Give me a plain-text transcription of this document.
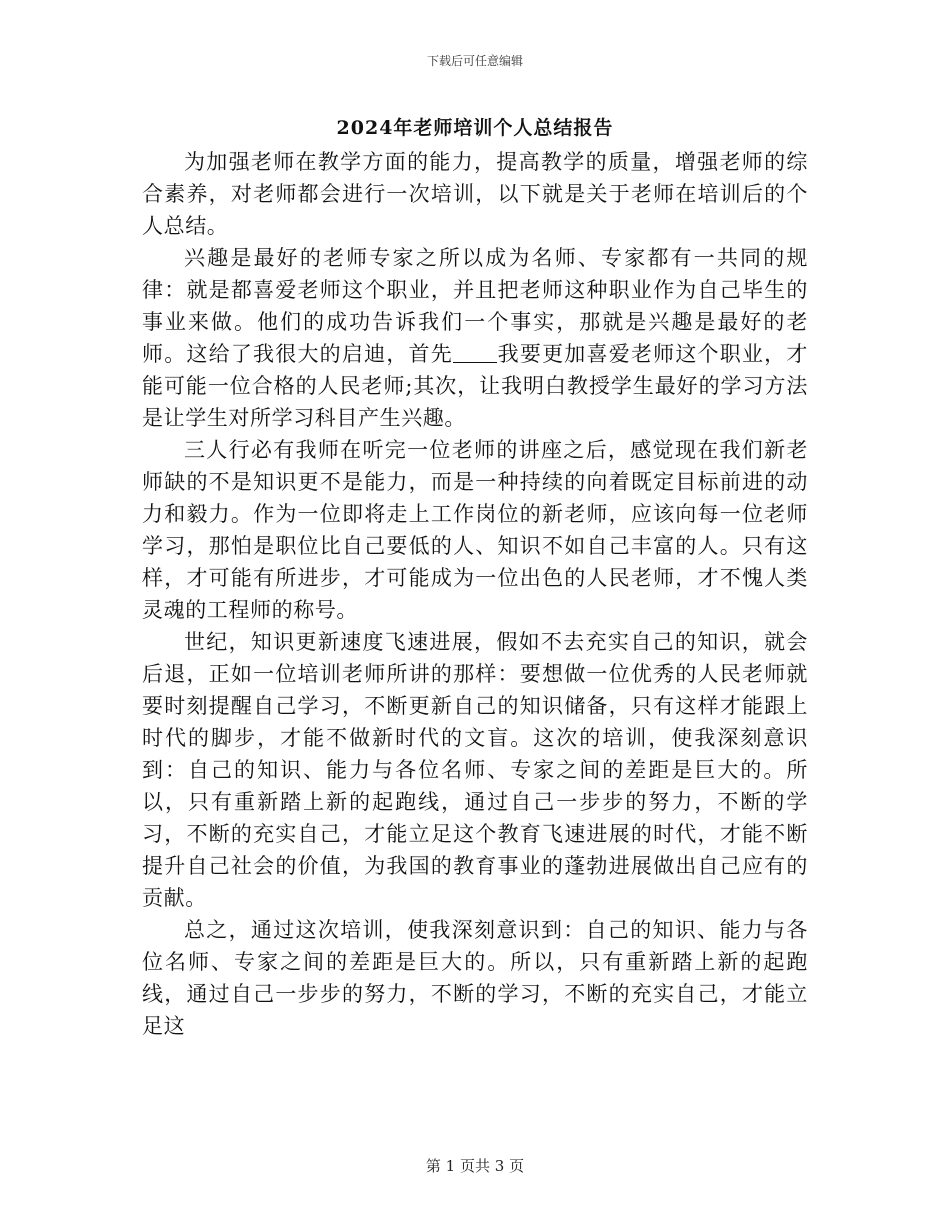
下载后可任意编辑
2024年老师培训个人总结报告

为加强老师在教学方面的能力，提高教学的质量，增强老师的综合素养，对老师都会进行一次培训，以下就是关于老师在培训后的个人总结。

兴趣是最好的老师专家之所以成为名师、专家都有一共同的规律：就是都喜爱老师这个职业，并且把老师这种职业作为自己毕生的事业来做。他们的成功告诉我们一个事实，那就是兴趣是最好的老师。这给了我很大的启迪，首先 我要更加喜爱老师这个职业，才能可能一位合格的人民老师;其次，让我明白教授学生最好的学习方法是让学生对所学习科目产生兴趣。

三人行必有我师在听完一位老师的讲座之后，感觉现在我们新老师缺的不是知识更不是能力，而是一种持续的向着既定目标前进的动力和毅力。作为一位即将走上工作岗位的新老师，应该向每一位老师学习，那怕是职位比自己要低的人、知识不如自己丰富的人。只有这样，才可能有所进步，才可能成为一位出色的人民老师，才不愧人类灵魂的工程师的称号。

世纪，知识更新速度飞速进展，假如不去充实自己的知识，就会后退，正如一位培训老师所讲的那样：要想做一位优秀的人民老师就要时刻提醒自己学习，不断更新自己的知识储备，只有这样才能跟上时代的脚步，才能不做新时代的文盲。这次的培训，使我深刻意识到：自己的知识、能力与各位名师、专家之间的差距是巨大的。所以，只有重新踏上新的起跑线，通过自己一步步的努力，不断的学习，不断的充实自己，才能立足这个教育飞速进展的时代，才能不断提升自己社会的价值，为我国的教育事业的蓬勃进展做出自己应有的贡献。

总之，通过这次培训，使我深刻意识到：自己的知识、能力与各位名师、专家之间的差距是巨大的。所以，只有重新踏上新的起跑线，通过自己一步步的努力，不断的学习，不断的充实自己，才能立足这

第 1 页共 3 页
